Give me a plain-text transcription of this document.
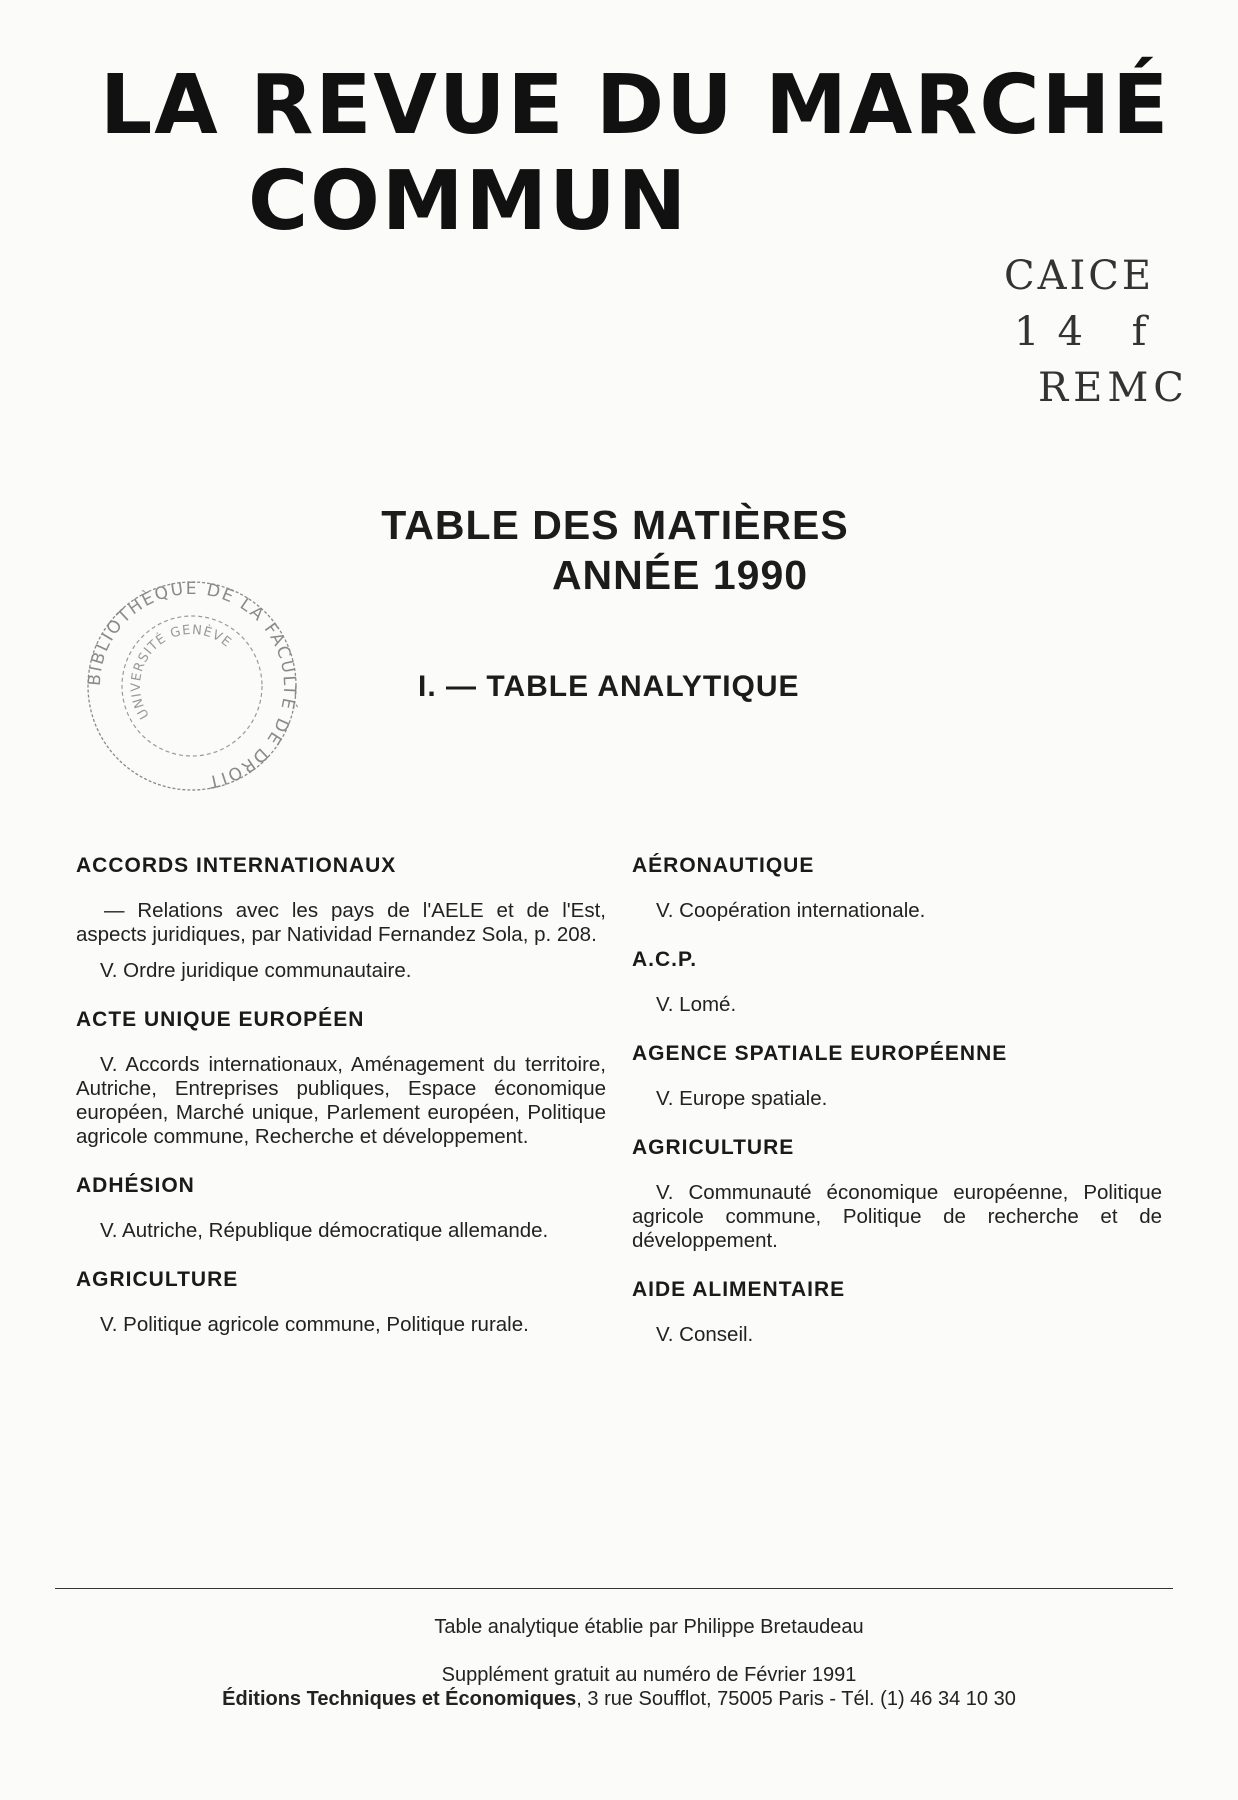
LA REVUE DU MARCHÉ
COMMUN
CAICE
14 f
REMC
TABLE DES MATIÈRES
ANNÉE 1990
BIBLIOTHÈQUE DE LA FACULTÉ DE DROIT
UNIVERSITÉ GENÈVE
I. — TABLE ANALYTIQUE
ACCORDS INTERNATIONAUX

— Relations avec les pays de l'AELE et de l'Est, aspects juridiques, par Natividad Fernandez Sola, p. 208.

V. Ordre juridique communautaire.

ACTE UNIQUE EUROPÉEN

V. Accords internationaux, Aménagement du territoire, Autriche, Entreprises publiques, Espace économique européen, Marché unique, Parlement européen, Politique agricole commune, Recherche et développement.

ADHÉSION

V. Autriche, République démocratique allemande.

AGRICULTURE

V. Politique agricole commune, Politique rurale.

AÉRONAUTIQUE

V. Coopération internationale.

A.C.P.

V. Lomé.

AGENCE SPATIALE EUROPÉENNE

V. Europe spatiale.

AGRICULTURE

V. Communauté économique européenne, Politique agricole commune, Politique de recherche et de développement.

AIDE ALIMENTAIRE

V. Conseil.

Table analytique établie par Philippe Bretaudeau
Supplément gratuit au numéro de Février 1991
Éditions Techniques et Économiques, 3 rue Soufflot, 75005 Paris - Tél. (1) 46 34 10 30
